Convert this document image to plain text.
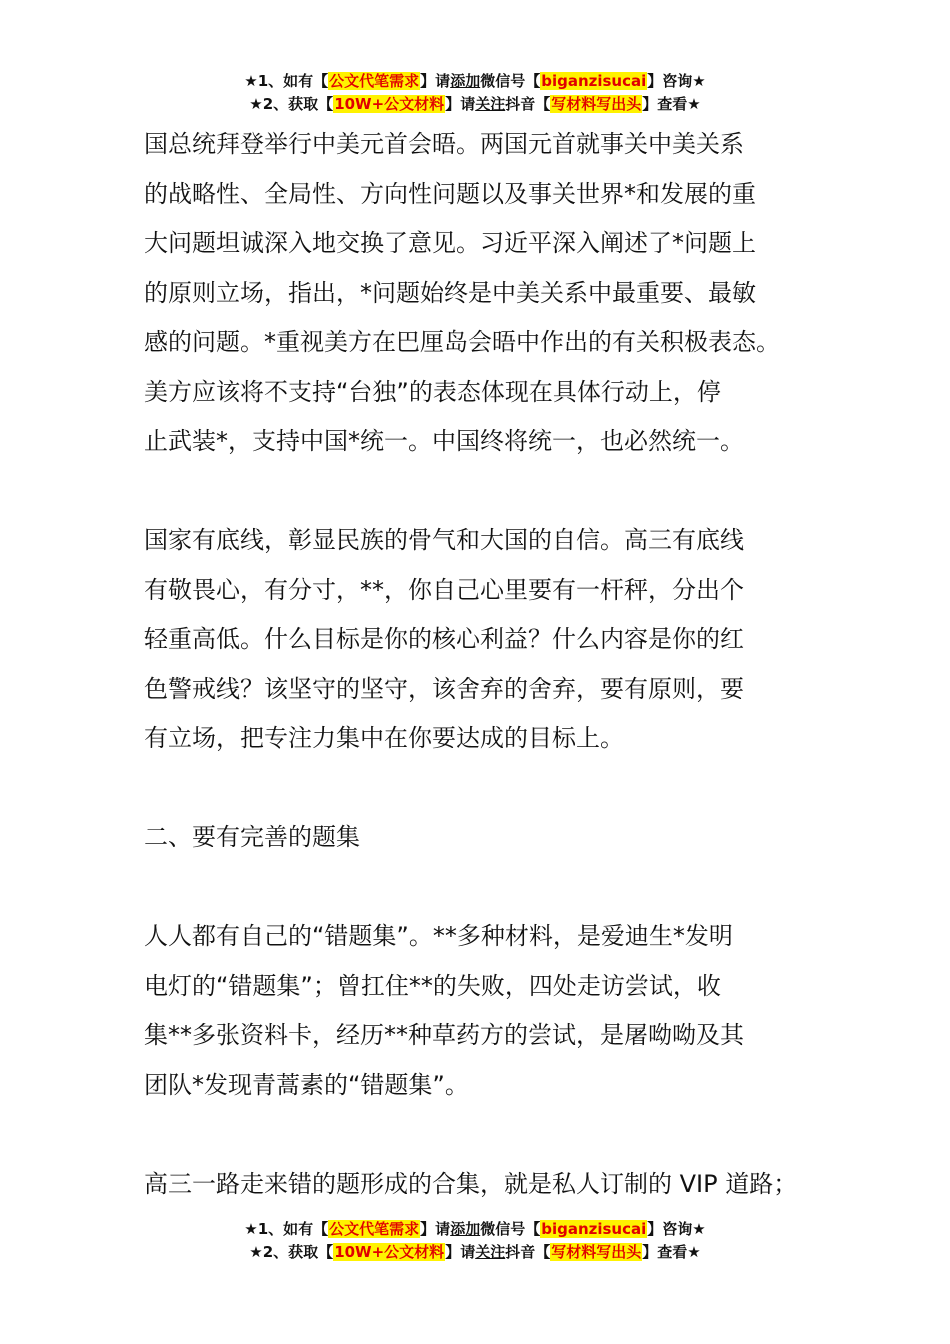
★1、如有【公文代笔需求】请添加微信号【biganzisucai】咨询★
★2、获取【10W+公文材料】请关注抖音【写材料写出头】查看★

国总统拜登举行中美元首会晤。两国元首就事关中美关系

的战略性、全局性、方向性问题以及事关世界*和发展的重

大问题坦诚深入地交换了意见。习近平深入阐述了*问题上

的原则立场，指出，*问题始终是中美关系中最重要、最敏

感的问题。*重视美方在巴厘岛会晤中作出的有关积极表态。

美方应该将不支持“台独”的表态体现在具体行动上，停

止武装*，支持中国*统一。中国终将统一，也必然统一。

国家有底线，彰显民族的骨气和大国的自信。高三有底线

有敬畏心，有分寸，**，你自己心里要有一杆秤，分出个

轻重高低。什么目标是你的核心利益？什么内容是你的红

色警戒线？该坚守的坚守，该舍弃的舍弃，要有原则，要

有立场，把专注力集中在你要达成的目标上。

二、要有完善的题集

人人都有自己的“错题集”。**多种材料，是爱迪生*发明

电灯的“错题集”；曾扛住**的失败，四处走访尝试，收

集**多张资料卡，经历**种草药方的尝试，是屠呦呦及其

团队*发现青蒿素的“错题集”。

高三一路走来错的题形成的合集，就是私人订制的 VIP 道路；

★1、如有【公文代笔需求】请添加微信号【biganzisucai】咨询★
★2、获取【10W+公文材料】请关注抖音【写材料写出头】查看★
